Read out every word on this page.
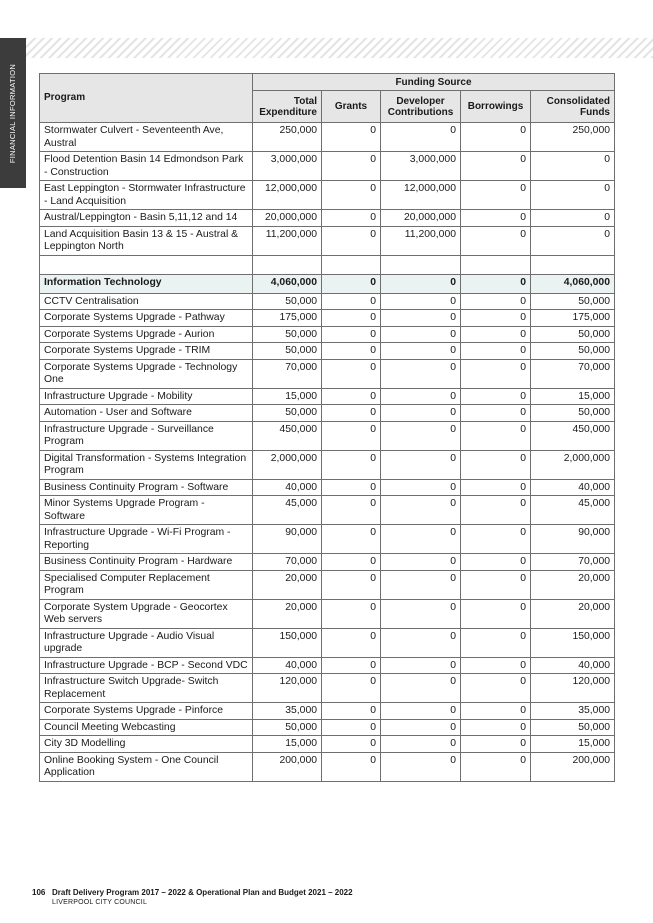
FINANCIAL INFORMATION	Program	Funding Source				
	Total Expenditure	Grants	Developer Contributions	Borrowings	Consolidated Funds
Stormwater Culvert - Seventeenth Ave, Austral	250,000	0	0	0	250,000
Flood Detention Basin 14 Edmondson Park - Construction	3,000,000	0	3,000,000	0	0
East Leppington - Stormwater Infrastructure - Land Acquisition	12,000,000	0	12,000,000	0	0
Austral/Leppington - Basin 5,11,12 and 14	20,000,000	0	20,000,000	0	0
Land Acquisition Basin 13 & 15 - Austral & Leppington North	11,200,000	0	11,200,000	0	0

Information Technology	4,060,000	0	0	0	4,060,000
CCTV Centralisation	50,000	0	0	0	50,000
Corporate Systems Upgrade - Pathway	175,000	0	0	0	175,000
Corporate Systems Upgrade - Aurion	50,000	0	0	0	50,000
Corporate Systems Upgrade - TRIM	50,000	0	0	0	50,000
Corporate Systems Upgrade - Technology One	70,000	0	0	0	70,000
Infrastructure Upgrade - Mobility	15,000	0	0	0	15,000
Automation - User and Software	50,000	0	0	0	50,000
Infrastructure Upgrade - Surveillance Program	450,000	0	0	0	450,000
Digital Transformation - Systems Integration Program	2,000,000	0	0	0	2,000,000
Business Continuity Program - Software	40,000	0	0	0	40,000
Minor Systems Upgrade Program - Software	45,000	0	0	0	45,000
Infrastructure Upgrade - Wi-Fi Program - Reporting	90,000	0	0	0	90,000
Business Continuity Program - Hardware	70,000	0	0	0	70,000
Specialised Computer Replacement Program	20,000	0	0	0	20,000
Corporate System Upgrade - Geocortex Web servers	20,000	0	0	0	20,000
Infrastructure Upgrade - Audio Visual upgrade	150,000	0	0	0	150,000
Infrastructure Upgrade - BCP - Second VDC	40,000	0	0	0	40,000
Infrastructure Switch Upgrade- Switch Replacement	120,000	0	0	0	120,000
Corporate Systems Upgrade - Pinforce	35,000	0	0	0	35,000
Council Meeting Webcasting	50,000	0	0	0	50,000
City 3D Modelling	15,000	0	0	0	15,000
Online Booking System - One Council Application	200,000	0	0	0	200,000
106 Draft Delivery Program 2017 – 2022 & Operational Plan and Budget 2021 – 2022
LIVERPOOL CITY COUNCIL
